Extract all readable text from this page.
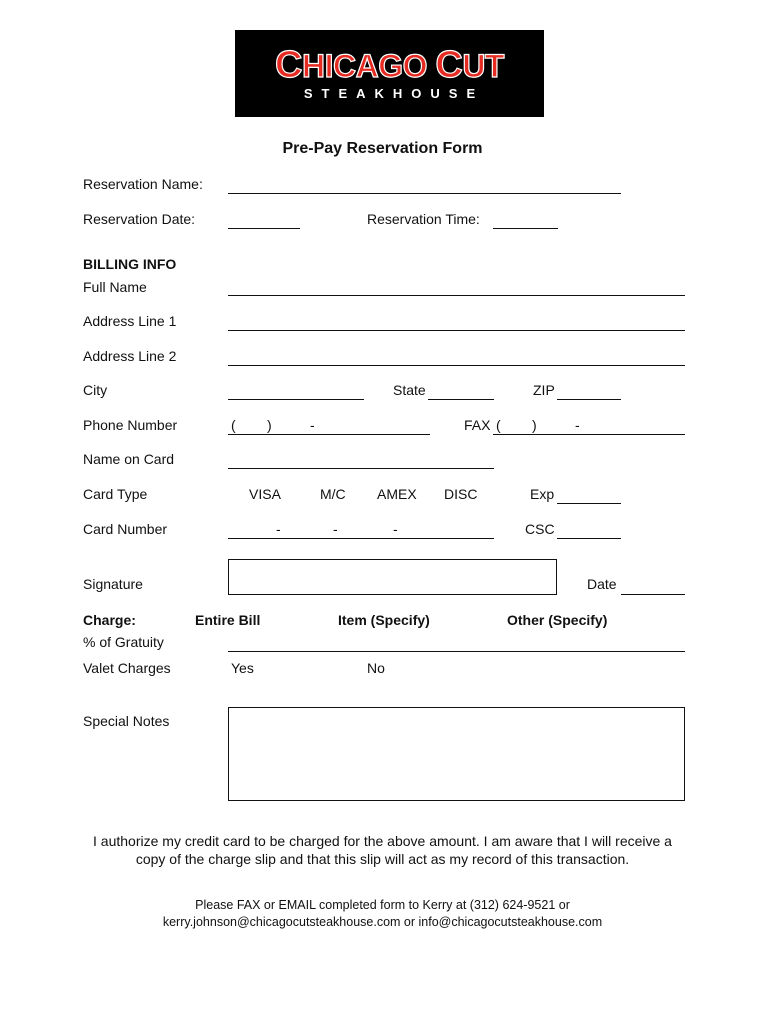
CHICAGO CUT
STEAKHOUSE
Pre-Pay Reservation Form
Reservation Name:
Reservation Date:	Reservation Time:
BILLING INFO
Full Name
Address Line 1
Address Line 2
City	State	ZIP
Phone Number	( )	-	FAX ( )	-
Name on Card
Card Type	VISA	M/C AMEX DISC	Exp
Card Number	-	-	-	CSC
Signature	Date
Charge:	Entire Bill	Item (Specify)	Other (Specify)
% of Gratuity
Valet Charges	Yes	No
Special Notes
I authorize my credit card to be charged for the above amount. I am aware that I will receive a copy of the charge slip and that this slip will act as my record of this transaction.
Please FAX or EMAIL completed form to Kerry at (312) 624-9521 or
kerry.johnson@chicagocutsteakhouse.com or info@chicagocutsteakhouse.com
